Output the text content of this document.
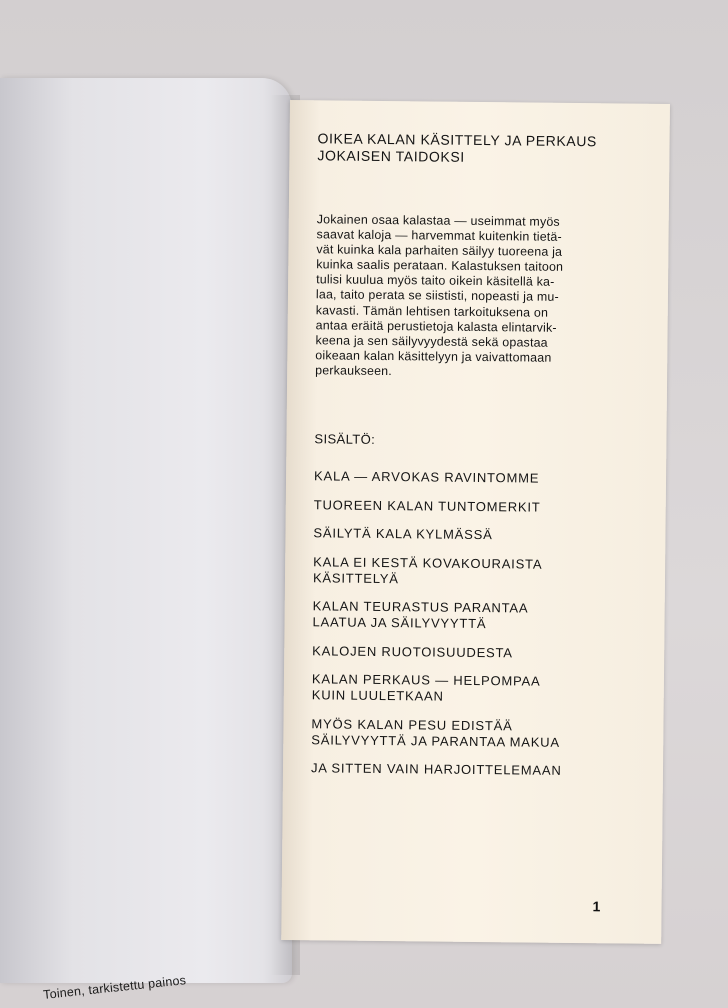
Toinen, tarkistettu painos
OIKEA KALAN KÄSITTELY JA PERKAUS
JOKAISEN TAIDOKSI
Jokainen osaa kalastaa — useimmat myös
saavat kaloja — harvemmat kuitenkin tietä-
vät kuinka kala parhaiten säilyy tuoreena ja
kuinka saalis perataan. Kalastuksen taitoon
tulisi kuulua myös taito oikein käsitellä ka-
laa, taito perata se siististi, nopeasti ja mu-
kavasti. Tämän lehtisen tarkoituksena on
antaa eräitä perustietoja kalasta elintarvik-
keena ja sen säilyvyydestä sekä opastaa
oikeaan kalan käsittelyyn ja vaivattomaan
perkaukseen.
SISÄLTÖ:
KALA — ARVOKAS RAVINTOMME
TUOREEN KALAN TUNTOMERKIT
SÄILYTÄ KALA KYLMÄSSÄ
KALA EI KESTÄ KOVAKOURAISTA
KÄSITTELYÄ
KALAN TEURASTUS PARANTAA
LAATUA JA SÄILYVYYTTÄ
KALOJEN RUOTOISUUDESTA
KALAN PERKAUS — HELPOMPAA
KUIN LUULETKAAN
MYÖS KALAN PESU EDISTÄÄ
SÄILYVYYTTÄ JA PARANTAA MAKUA
JA SITTEN VAIN HARJOITTELEMAAN
1
